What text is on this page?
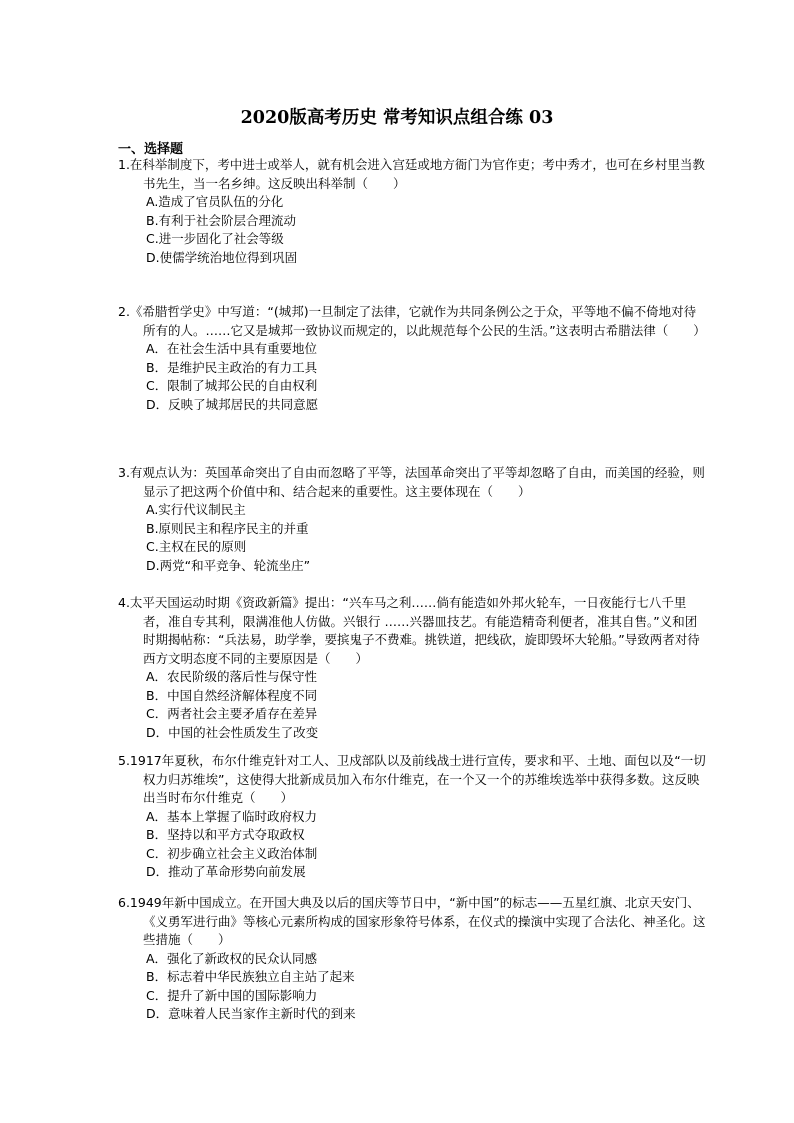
2020版高考历史 常考知识点组合练 03
一、选择题

1.在科举制度下，考中进士或举人，就有机会进入宫廷或地方衙门为官作吏；考中秀才，也可在乡村里当教书先生，当一名乡绅。这反映出科举制（　　）

A.造成了官员队伍的分化

B.有利于社会阶层合理流动

C.进一步固化了社会等级

D.使儒学统治地位得到巩固

2.《希腊哲学史》中写道：“(城邦)一旦制定了法律，它就作为共同条例公之于众，平等地不偏不倚地对待所有的人。……它又是城邦一致协议而规定的，以此规范每个公民的生活。”这表明古希腊法律（　　）

A．在社会生活中具有重要地位

B．是维护民主政治的有力工具

C．限制了城邦公民的自由权利

D．反映了城邦居民的共同意愿

3.有观点认为：英国革命突出了自由而忽略了平等，法国革命突出了平等却忽略了自由，而美国的经验，则显示了把这两个价值中和、结合起来的重要性。这主要体现在（　　）

A.实行代议制民主

B.原则民主和程序民主的并重

C.主权在民的原则

D.两党“和平竞争、轮流坐庄”

4.太平天国运动时期《资政新篇》提出：“兴车马之利……倘有能造如外邦火轮车，一日夜能行七八千里者，准自专其利，限满准他人仿做。兴银行 ……兴器皿技艺。有能造精奇利便者，准其自售。”义和团时期揭帖称：“兵法易，助学拳，要摈鬼子不费难。挑铁道，把线砍，旋即毁坏大轮船。”导致两者对待西方文明态度不同的主要原因是（　　）

A．农民阶级的落后性与保守性

B．中国自然经济解体程度不同

C．两者社会主要矛盾存在差异

D．中国的社会性质发生了改变

5.1917年夏秋，布尔什维克针对工人、卫戍部队以及前线战士进行宣传，要求和平、土地、面包以及“一切权力归苏维埃”，这使得大批新成员加入布尔什维克，在一个又一个的苏维埃选举中获得多数。这反映出当时布尔什维克（　　）

A．基本上掌握了临时政府权力

B．坚持以和平方式夺取政权

C．初步确立社会主义政治体制

D．推动了革命形势向前发展

6.1949年新中国成立。在开国大典及以后的国庆等节日中，“新中国”的标志——五星红旗、北京天安门、《义勇军进行曲》等核心元素所构成的国家形象符号体系，在仪式的操演中实现了合法化、神圣化。这些措施（　　）

A．强化了新政权的民众认同感

B．标志着中华民族独立自主站了起来

C．提升了新中国的国际影响力

D．意味着人民当家作主新时代的到来
